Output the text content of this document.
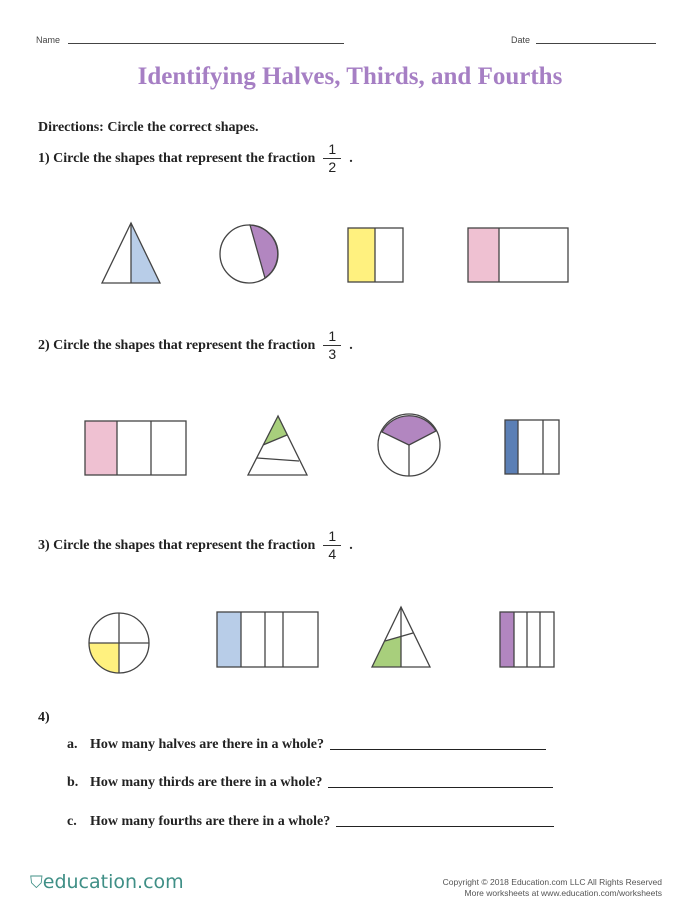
Name	Date
Identifying Halves, Thirds, and Fourths
Directions: Circle the correct shapes.
1) Circle the shapes that represent the fraction $\frac{1}{2}$ .
2) Circle the shapes that represent the fraction $\frac{1}{3}$ .
3) Circle the shapes that represent the fraction $\frac{1}{4}$ .
4)
a. How many halves are there in a whole?
b. How many thirds are there in a whole?
c. How many fourths are there in a whole?
⛉education.com	Copyright © 2018 Education.com LLC All Rights Reserved
More worksheets at www.education.com/worksheets
